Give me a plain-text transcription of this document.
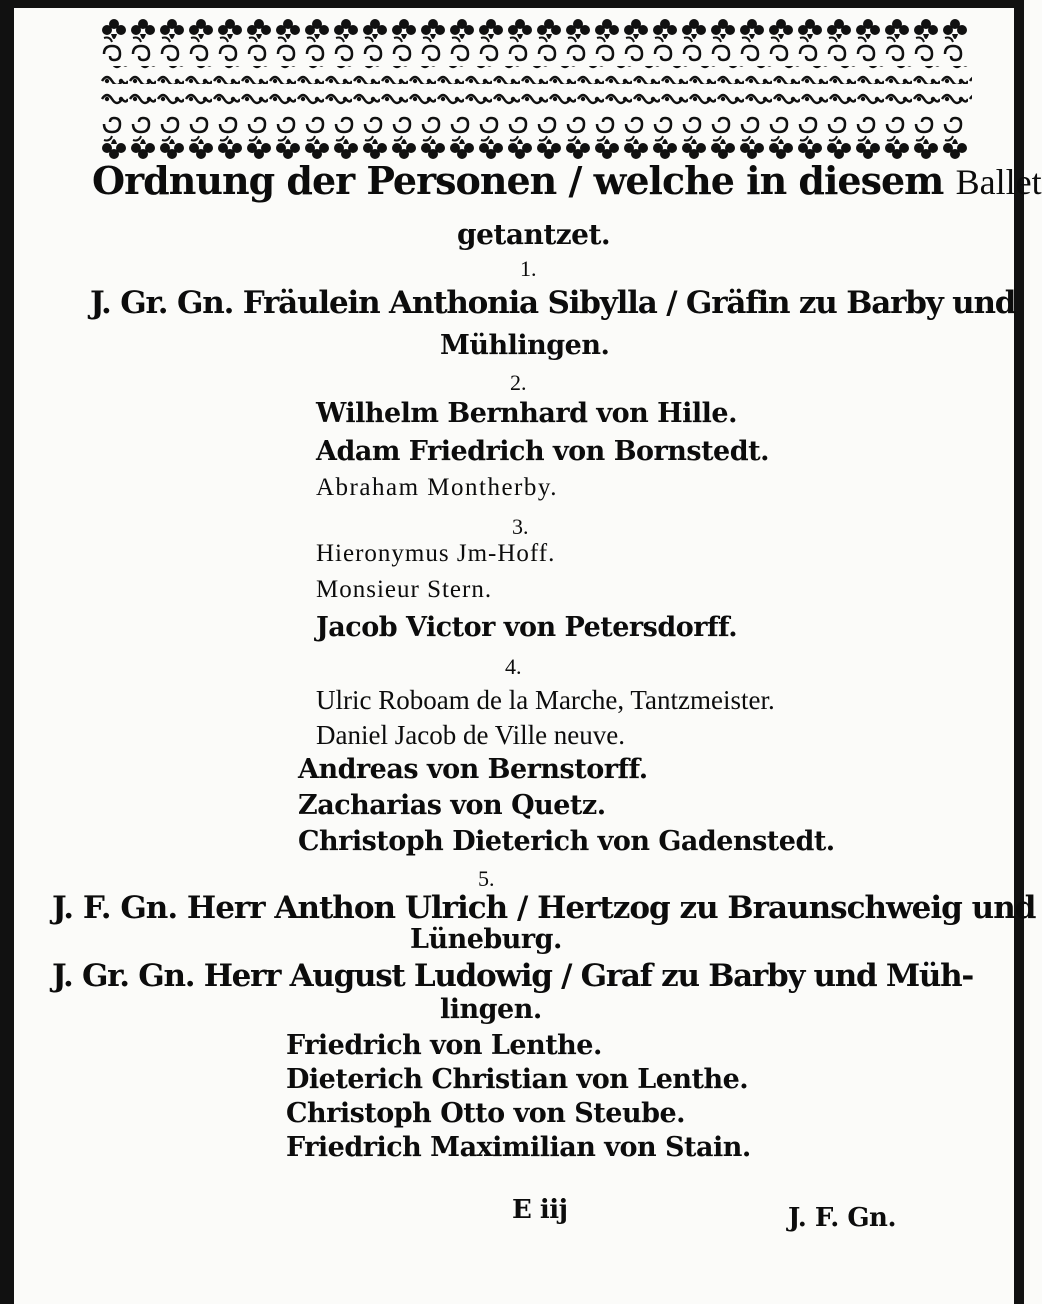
Ordnung der Personen / welche in diesem Ballet
getantzet.
1.
J. Gr. Gn. Fräulein Anthonia Sibylla / Gräfin zu Barby und
Mühlingen.
2.
Wilhelm Bernhard von Hille.
Adam Friedrich von Bornstedt.
Abraham Montherby.
3.
Hieronymus Jm-Hoff.
Monsieur Stern.
Jacob Victor von Petersdorff.
4.
Ulric Roboam de la Marche, Tantzmeister.
Daniel Jacob de Ville neuve.
Andreas von Bernstorff.
Zacharias von Quetz.
Christoph Dieterich von Gadenstedt.
5.
J. F. Gn. Herr Anthon Ulrich / Hertzog zu Braunschweig und
Lüneburg.
J. Gr. Gn. Herr August Ludowig / Graf zu Barby und Müh-
lingen.
Friedrich von Lenthe.
Dieterich Christian von Lenthe.
Christoph Otto von Steube.
Friedrich Maximilian von Stain.
E iij	J. F. Gn.
